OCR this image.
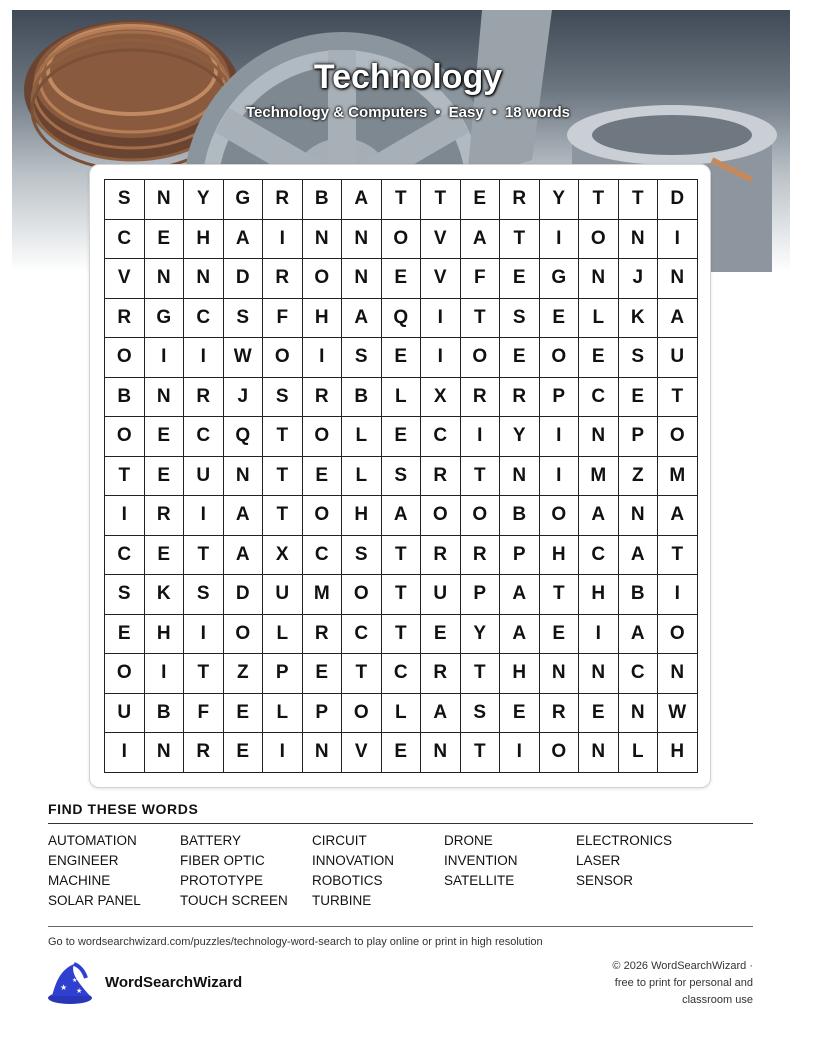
Technology
Technology & Computers • Easy • 18 words
S	N	Y	G	R	B	A	T	T	E	R	Y	T	T	D
C	E	H	A	I	N	N	O	V	A	T	I	O	N	I
V	N	N	D	R	O	N	E	V	F	E	G	N	J	N
R	G	C	S	F	H	A	Q	I	T	S	E	L	K	A
O	I	I	W	O	I	S	E	I	O	E	O	E	S	U
B	N	R	J	S	R	B	L	X	R	R	P	C	E	T
O	E	C	Q	T	O	L	E	C	I	Y	I	N	P	O
T	E	U	N	T	E	L	S	R	T	N	I	M	Z	M
I	R	I	A	T	O	H	A	O	O	B	O	A	N	A
C	E	T	A	X	C	S	T	R	R	P	H	C	A	T
S	K	S	D	U	M	O	T	U	P	A	T	H	B	I
E	H	I	O	L	R	C	T	E	Y	A	E	I	A	O
O	I	T	Z	P	E	T	C	R	T	H	N	N	C	N
U	B	F	E	L	P	O	L	A	S	E	R	E	N	W
I	N	R	E	I	N	V	E	N	T	I	O	N	L	H
FIND THESE WORDS
AUTOMATION	BATTERY	CIRCUIT	DRONE	ELECTRONICS
ENGINEER	FIBER OPTIC	INNOVATION	INVENTION	LASER
MACHINE	PROTOTYPE	ROBOTICS	SATELLITE	SENSOR
SOLAR PANEL	TOUCH SCREEN	TURBINE
Go to wordsearchwizard.com/puzzles/technology-word-search to play online or print in high resolution
★
★
★
WordSearchWizard
© 2026 WordSearchWizard ·
free to print for personal and
classroom use
